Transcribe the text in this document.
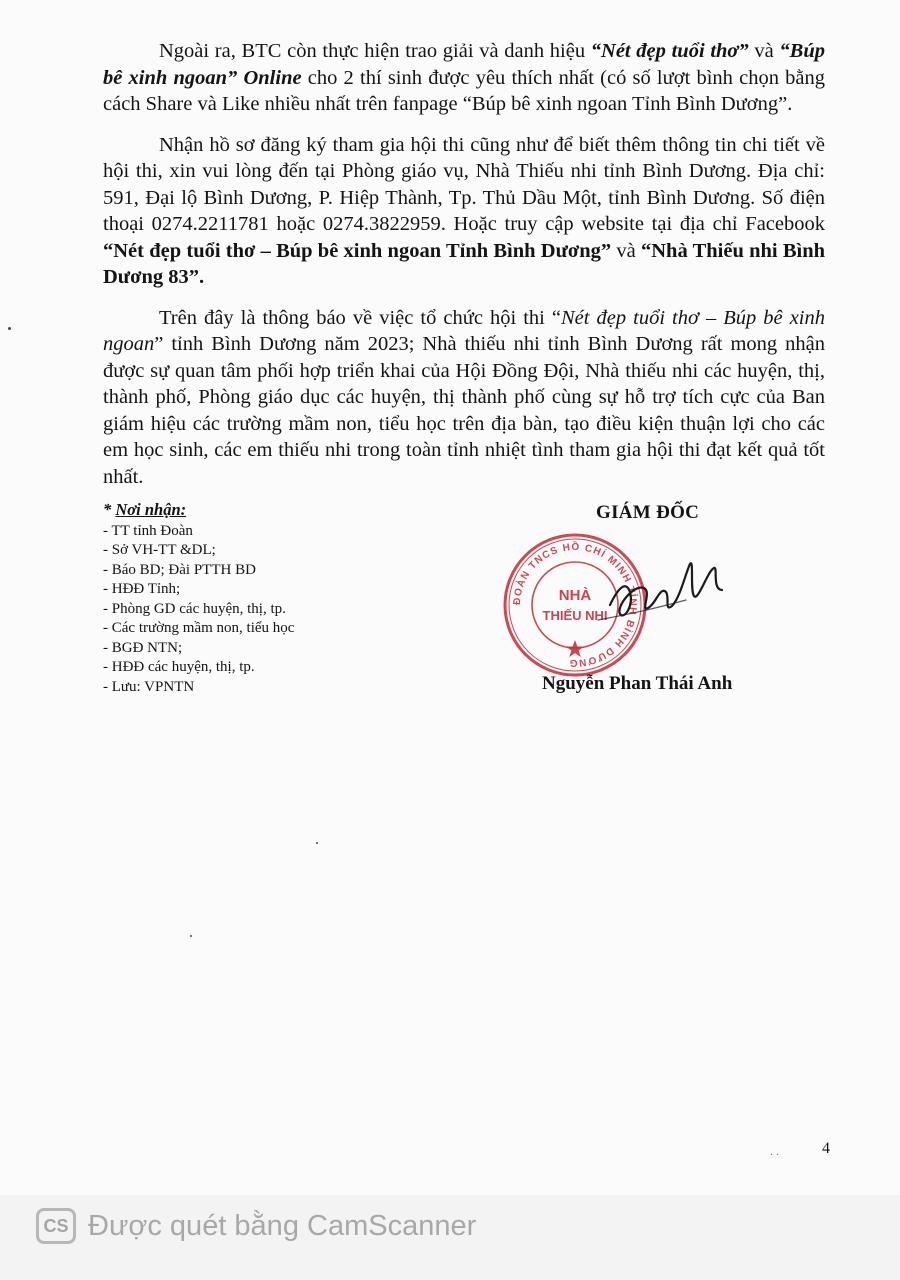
Ngoài ra, BTC còn thực hiện trao giải và danh hiệu “Nét đẹp tuổi thơ” và “Búp bê xinh ngoan” Online cho 2 thí sinh được yêu thích nhất (có số lượt bình chọn bằng cách Share và Like nhiều nhất trên fanpage “Búp bê xinh ngoan Tỉnh Bình Dương”.

Nhận hồ sơ đăng ký tham gia hội thi cũng như để biết thêm thông tin chi tiết về hội thi, xin vui lòng đến tại Phòng giáo vụ, Nhà Thiếu nhi tỉnh Bình Dương. Địa chỉ: 591, Đại lộ Bình Dương, P. Hiệp Thành, Tp. Thủ Dầu Một, tỉnh Bình Dương. Số điện thoại 0274.2211781 hoặc 0274.3822959. Hoặc truy cập website tại địa chỉ Facebook “Nét đẹp tuổi thơ – Búp bê xinh ngoan Tỉnh Bình Dương” và “Nhà Thiếu nhi Bình Dương 83”.

Trên đây là thông báo về việc tổ chức hội thi “Nét đẹp tuổi thơ – Búp bê xinh ngoan” tỉnh Bình Dương năm 2023; Nhà thiếu nhi tỉnh Bình Dương rất mong nhận được sự quan tâm phối hợp triển khai của Hội Đồng Đội, Nhà thiếu nhi các huyện, thị, thành phố, Phòng giáo dục các huyện, thị thành phố cùng sự hỗ trợ tích cực của Ban giám hiệu các trường mầm non, tiểu học trên địa bàn, tạo điều kiện thuận lợi cho các em học sinh, các em thiếu nhi trong toàn tỉnh nhiệt tình tham gia hội thi đạt kết quả tốt nhất.

* Nơi nhận:
- TT tỉnh Đoàn
- Sở VH-TT &DL;
- Báo BD; Đài PTTH BD
- HĐĐ Tỉnh;
- Phòng GD các huyện, thị, tp.
- Các trường mầm non, tiểu học
- BGĐ NTN;
- HĐĐ các huyện, thị, tp.
- Lưu: VPNTN
GIÁM ĐỐC
ĐOÀN TNCS HỒ CHÍ MINH TỈNH BÌNH DƯƠNG
NHÀ
THIẾU NHI
Nguyễn Phan Thái Anh
. .	4
CS Được quét bằng CamScanner
